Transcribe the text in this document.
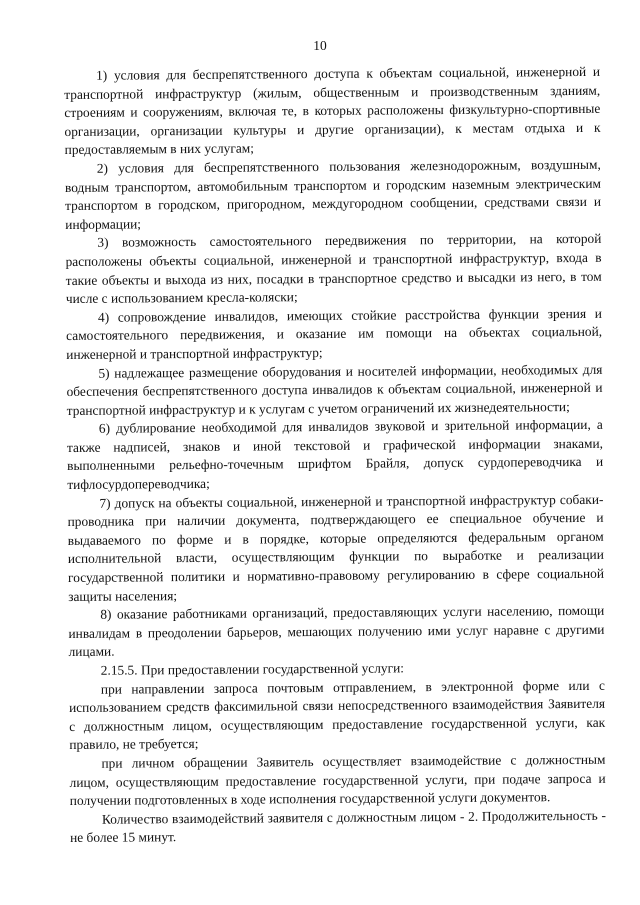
10

1) условия для беспрепятственного доступа к объектам социальной, инженерной и транспортной инфраструктур (жилым, общественным и производственным зданиям, строениям и сооружениям, включая те, в которых расположены физкультурно-спортивные организации, организации культуры и другие организации), к местам отдыха и к предоставляемым в них услугам;

2) условия для беспрепятственного пользования железнодорожным, воздушным, водным транспортом, автомобильным транспортом и городским наземным электрическим транспортом в городском, пригородном, междугородном сообщении, средствами связи и информации;

3) возможность самостоятельного передвижения по территории, на которой расположены объекты социальной, инженерной и транспортной инфраструктур, входа в такие объекты и выхода из них, посадки в транспортное средство и высадки из него, в том числе с использованием кресла-коляски;

4) сопровождение инвалидов, имеющих стойкие расстройства функции зрения и самостоятельного передвижения, и оказание им помощи на объектах социальной, инженерной и транспортной инфраструктур;

5) надлежащее размещение оборудования и носителей информации, необходимых для обеспечения беспрепятственного доступа инвалидов к объектам социальной, инженерной и транспортной инфраструктур и к услугам с учетом ограничений их жизнедеятельности;

6) дублирование необходимой для инвалидов звуковой и зрительной информации, а также надписей, знаков и иной текстовой и графической информации знаками, выполненными рельефно-точечным шрифтом Брайля, допуск сурдопереводчика и тифлосурдопереводчика;

7) допуск на объекты социальной, инженерной и транспортной инфраструктур собаки-проводника при наличии документа, подтверждающего ее специальное обучение и выдаваемого по форме и в порядке, которые определяются федеральным органом исполнительной власти, осуществляющим функции по выработке и реализации государственной политики и нормативно-правовому регулированию в сфере социальной защиты населения;

8) оказание работниками организаций, предоставляющих услуги населению, помощи инвалидам в преодолении барьеров, мешающих получению ими услуг наравне с другими лицами.

2.15.5. При предоставлении государственной услуги:

при направлении запроса почтовым отправлением, в электронной форме или с использованием средств факсимильной связи непосредственного взаимодействия Заявителя с должностным лицом, осуществляющим предоставление государственной услуги, как правило, не требуется;

при личном обращении Заявитель осуществляет взаимодействие с должностным лицом, осуществляющим предоставление государственной услуги, при подаче запроса и получении подготовленных в ходе исполнения государственной услуги документов.

Количество взаимодействий заявителя с должностным лицом - 2. Продолжительность - не более 15 минут.
